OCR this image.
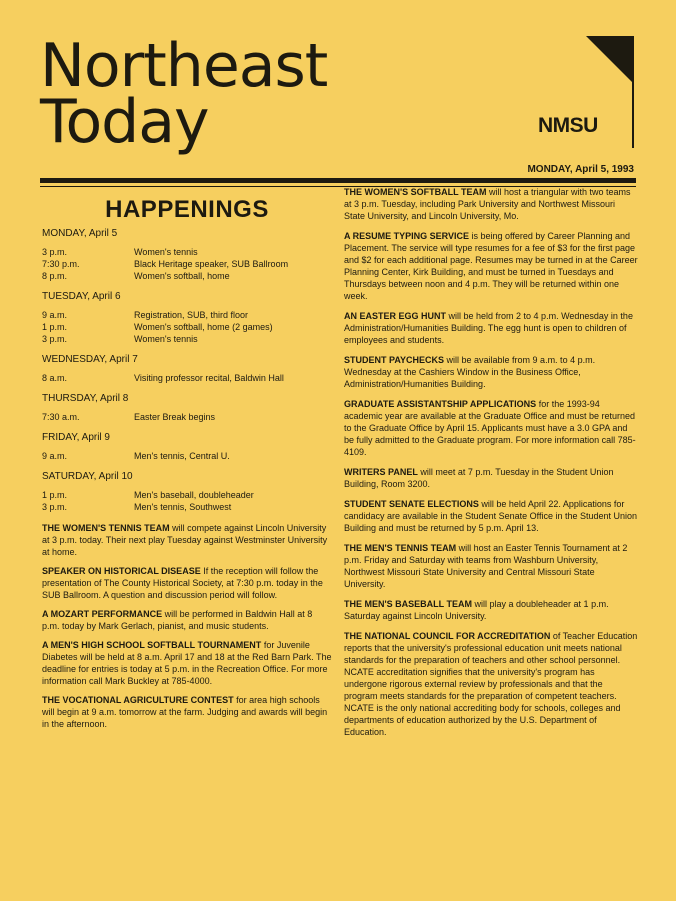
Northeast
Today	NMSU
MONDAY, April 5, 1993
HAPPENINGS
MONDAY, April 5
3 p.m.	Women's tennis
7:30 p.m.	Black Heritage speaker, SUB Ballroom
8 p.m.	Women's softball, home
TUESDAY, April 6
9 a.m.	Registration, SUB, third floor
1 p.m.	Women's softball, home (2 games)
3 p.m.	Women's tennis
WEDNESDAY, April 7
8 a.m.	Visiting professor recital, Baldwin Hall
THURSDAY, April 8
7:30 a.m.	Easter Break begins
FRIDAY, April 9
9 a.m.	Men's tennis, Central U.
SATURDAY, April 10
1 p.m.	Men's baseball, doubleheader
3 p.m.	Men's tennis, Southwest

THE WOMEN'S TENNIS TEAM will compete against Lincoln University at 3 p.m. today. Their next play Tuesday against Westminster University at home.

SPEAKER ON HISTORICAL DISEASE If the reception will follow the presentation of The County Historical Society, at 7:30 p.m. today in the SUB Ballroom. A question and discussion period will follow.

A MOZART PERFORMANCE will be performed in Baldwin Hall at 8 p.m. today by Mark Gerlach, pianist, and music students.

A MEN'S HIGH SCHOOL SOFTBALL TOURNAMENT for Juvenile Diabetes will be held at 8 a.m. April 17 and 18 at the Red Barn Park. The deadline for entries is today at 5 p.m. in the Recreation Office. For more information call Mark Buckley at 785-4000.

THE VOCATIONAL AGRICULTURE CONTEST for area high schools will begin at 9 a.m. tomorrow at the farm. Judging and awards will begin in the afternoon.

THE WOMEN'S SOFTBALL TEAM will host a triangular with two teams at 3 p.m. Tuesday, including Park University and Northwest Missouri State University, and Lincoln University, Mo.

A RESUME TYPING SERVICE is being offered by Career Planning and Placement. The service will type resumes for a fee of $3 for the first page and $2 for each additional page. Resumes may be turned in at the Career Planning Center, Kirk Building, and must be turned in Tuesdays and Thursdays between noon and 4 p.m. They will be returned within one week.

AN EASTER EGG HUNT will be held from 2 to 4 p.m. Wednesday in the Administration/Humanities Building. The egg hunt is open to children of employees and students.

STUDENT PAYCHECKS will be available from 9 a.m. to 4 p.m. Wednesday at the Cashiers Window in the Business Office, Administration/Humanities Building.

GRADUATE ASSISTANTSHIP APPLICATIONS for the 1993-94 academic year are available at the Graduate Office and must be returned to the Graduate Office by April 15. Applicants must have a 3.0 GPA and be fully admitted to the Graduate program. For more information call 785-4109.

WRITERS PANEL will meet at 7 p.m. Tuesday in the Student Union Building, Room 3200.

STUDENT SENATE ELECTIONS will be held April 22. Applications for candidacy are available in the Student Senate Office in the Student Union Building and must be returned by 5 p.m. April 13.

THE MEN'S TENNIS TEAM will host an Easter Tennis Tournament at 2 p.m. Friday and Saturday with teams from Washburn University, Northwest Missouri State University and Central Missouri State University.

THE MEN'S BASEBALL TEAM will play a doubleheader at 1 p.m. Saturday against Lincoln University.

THE NATIONAL COUNCIL FOR ACCREDITATION of Teacher Education reports that the university's professional education unit meets national standards for the preparation of teachers and other school personnel. NCATE accreditation signifies that the university's program has undergone rigorous external review by professionals and that the program meets standards for the preparation of competent teachers. NCATE is the only national accrediting body for schools, colleges and departments of education authorized by the U.S. Department of Education.
